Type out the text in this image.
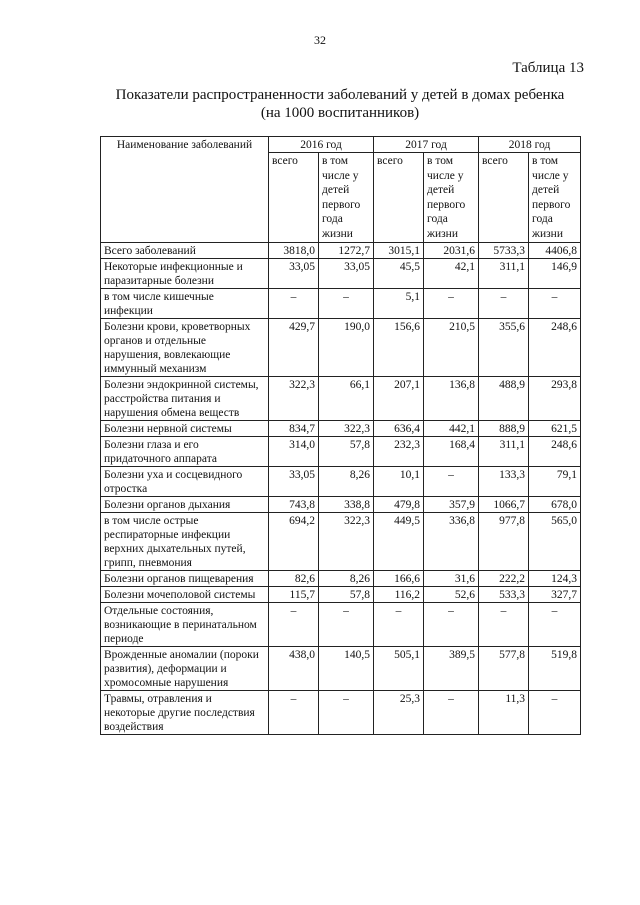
32
Таблица 13
Показатели распространенности заболеваний у детей в домах ребенка
(на 1000 воспитанников)
Наименование заболеваний	2016 год		2017 год		2018 год	
	всего	в том числе у детей первого года жизни	всего	в том числе у детей первого года жизни	всего	в том числе у детей первого года жизни
Всего заболеваний	3818,0	1272,7	3015,1	2031,6	5733,3	4406,8
Некоторые инфекционные и паразитарные болезни	33,05	33,05	45,5	42,1	311,1	146,9
в том числе кишечные инфекции	–	–	5,1	–	–	–
Болезни крови, кроветворных органов и отдельные нарушения, вовлекающие иммунный механизм	429,7	190,0	156,6	210,5	355,6	248,6
Болезни эндокринной системы, расстройства питания и нарушения обмена веществ	322,3	66,1	207,1	136,8	488,9	293,8
Болезни нервной системы	834,7	322,3	636,4	442,1	888,9	621,5
Болезни глаза и его придаточного аппарата	314,0	57,8	232,3	168,4	311,1	248,6
Болезни уха и сосцевидного отростка	33,05	8,26	10,1	–	133,3	79,1
Болезни органов дыхания	743,8	338,8	479,8	357,9	1066,7	678,0
в том числе острые респираторные инфекции верхних дыхательных путей, грипп, пневмония	694,2	322,3	449,5	336,8	977,8	565,0
Болезни органов пищеварения	82,6	8,26	166,6	31,6	222,2	124,3
Болезни мочеполовой системы	115,7	57,8	116,2	52,6	533,3	327,7
Отдельные состояния, возникающие в перинатальном периоде	–	–	–	–	–	–
Врожденные аномалии (пороки развития), деформации и хромосомные нарушения	438,0	140,5	505,1	389,5	577,8	519,8
Травмы, отравления и некоторые другие последствия воздействия	–	–	25,3	–	11,3	–
